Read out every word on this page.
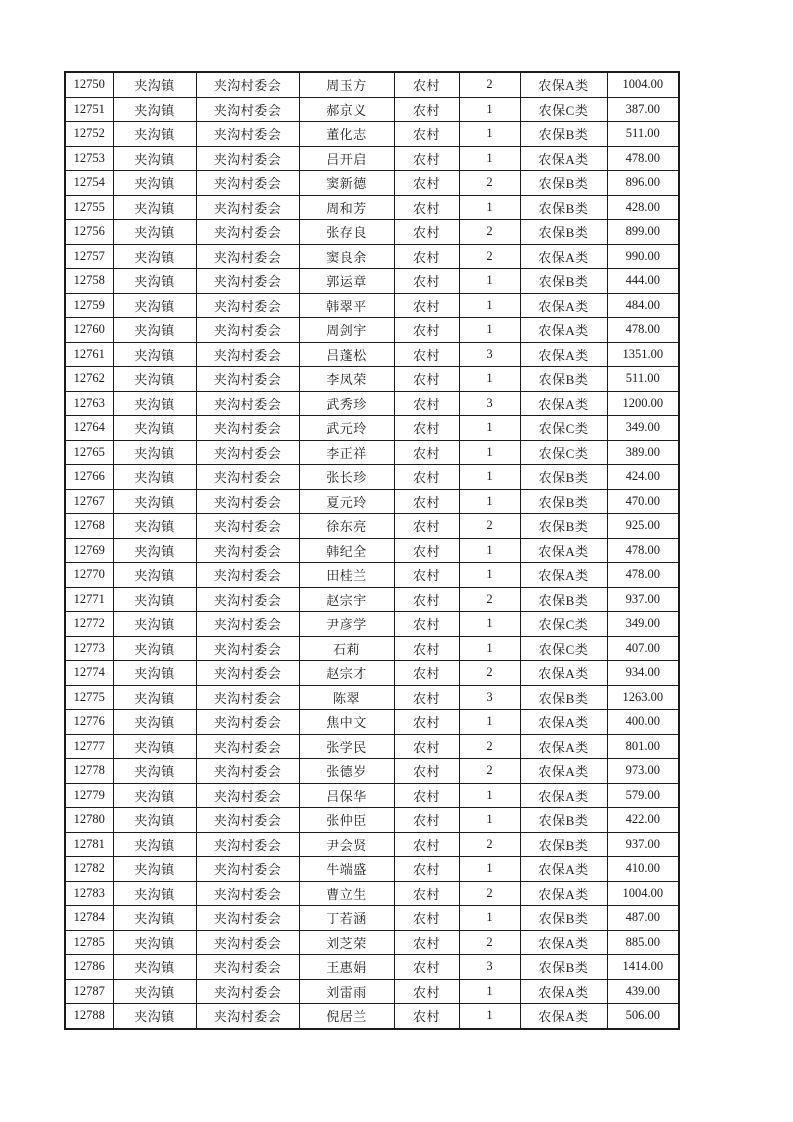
12750	夹沟镇	夹沟村委会	周玉方	农村	2	农保A类	1004.00
12751	夹沟镇	夹沟村委会	郝京义	农村	1	农保C类	387.00
12752	夹沟镇	夹沟村委会	董化志	农村	1	农保B类	511.00
12753	夹沟镇	夹沟村委会	吕开启	农村	1	农保A类	478.00
12754	夹沟镇	夹沟村委会	窦新德	农村	2	农保B类	896.00
12755	夹沟镇	夹沟村委会	周和芳	农村	1	农保B类	428.00
12756	夹沟镇	夹沟村委会	张存良	农村	2	农保B类	899.00
12757	夹沟镇	夹沟村委会	窦良余	农村	2	农保A类	990.00
12758	夹沟镇	夹沟村委会	郭运章	农村	1	农保B类	444.00
12759	夹沟镇	夹沟村委会	韩翠平	农村	1	农保A类	484.00
12760	夹沟镇	夹沟村委会	周剑宇	农村	1	农保A类	478.00
12761	夹沟镇	夹沟村委会	吕蓬松	农村	3	农保A类	1351.00
12762	夹沟镇	夹沟村委会	李凤荣	农村	1	农保B类	511.00
12763	夹沟镇	夹沟村委会	武秀珍	农村	3	农保A类	1200.00
12764	夹沟镇	夹沟村委会	武元玲	农村	1	农保C类	349.00
12765	夹沟镇	夹沟村委会	李正祥	农村	1	农保C类	389.00
12766	夹沟镇	夹沟村委会	张长珍	农村	1	农保B类	424.00
12767	夹沟镇	夹沟村委会	夏元玲	农村	1	农保B类	470.00
12768	夹沟镇	夹沟村委会	徐东亮	农村	2	农保B类	925.00
12769	夹沟镇	夹沟村委会	韩纪全	农村	1	农保A类	478.00
12770	夹沟镇	夹沟村委会	田桂兰	农村	1	农保A类	478.00
12771	夹沟镇	夹沟村委会	赵宗宇	农村	2	农保B类	937.00
12772	夹沟镇	夹沟村委会	尹彦学	农村	1	农保C类	349.00
12773	夹沟镇	夹沟村委会	石莉	农村	1	农保C类	407.00
12774	夹沟镇	夹沟村委会	赵宗才	农村	2	农保A类	934.00
12775	夹沟镇	夹沟村委会	陈翠	农村	3	农保B类	1263.00
12776	夹沟镇	夹沟村委会	焦中文	农村	1	农保A类	400.00
12777	夹沟镇	夹沟村委会	张学民	农村	2	农保A类	801.00
12778	夹沟镇	夹沟村委会	张德岁	农村	2	农保A类	973.00
12779	夹沟镇	夹沟村委会	吕保华	农村	1	农保A类	579.00
12780	夹沟镇	夹沟村委会	张仲臣	农村	1	农保B类	422.00
12781	夹沟镇	夹沟村委会	尹会贤	农村	2	农保B类	937.00
12782	夹沟镇	夹沟村委会	牛端盛	农村	1	农保A类	410.00
12783	夹沟镇	夹沟村委会	曹立生	农村	2	农保A类	1004.00
12784	夹沟镇	夹沟村委会	丁若涵	农村	1	农保B类	487.00
12785	夹沟镇	夹沟村委会	刘芝荣	农村	2	农保A类	885.00
12786	夹沟镇	夹沟村委会	王惠娟	农村	3	农保B类	1414.00
12787	夹沟镇	夹沟村委会	刘雷雨	农村	1	农保A类	439.00
12788	夹沟镇	夹沟村委会	倪居兰	农村	1	农保A类	506.00
